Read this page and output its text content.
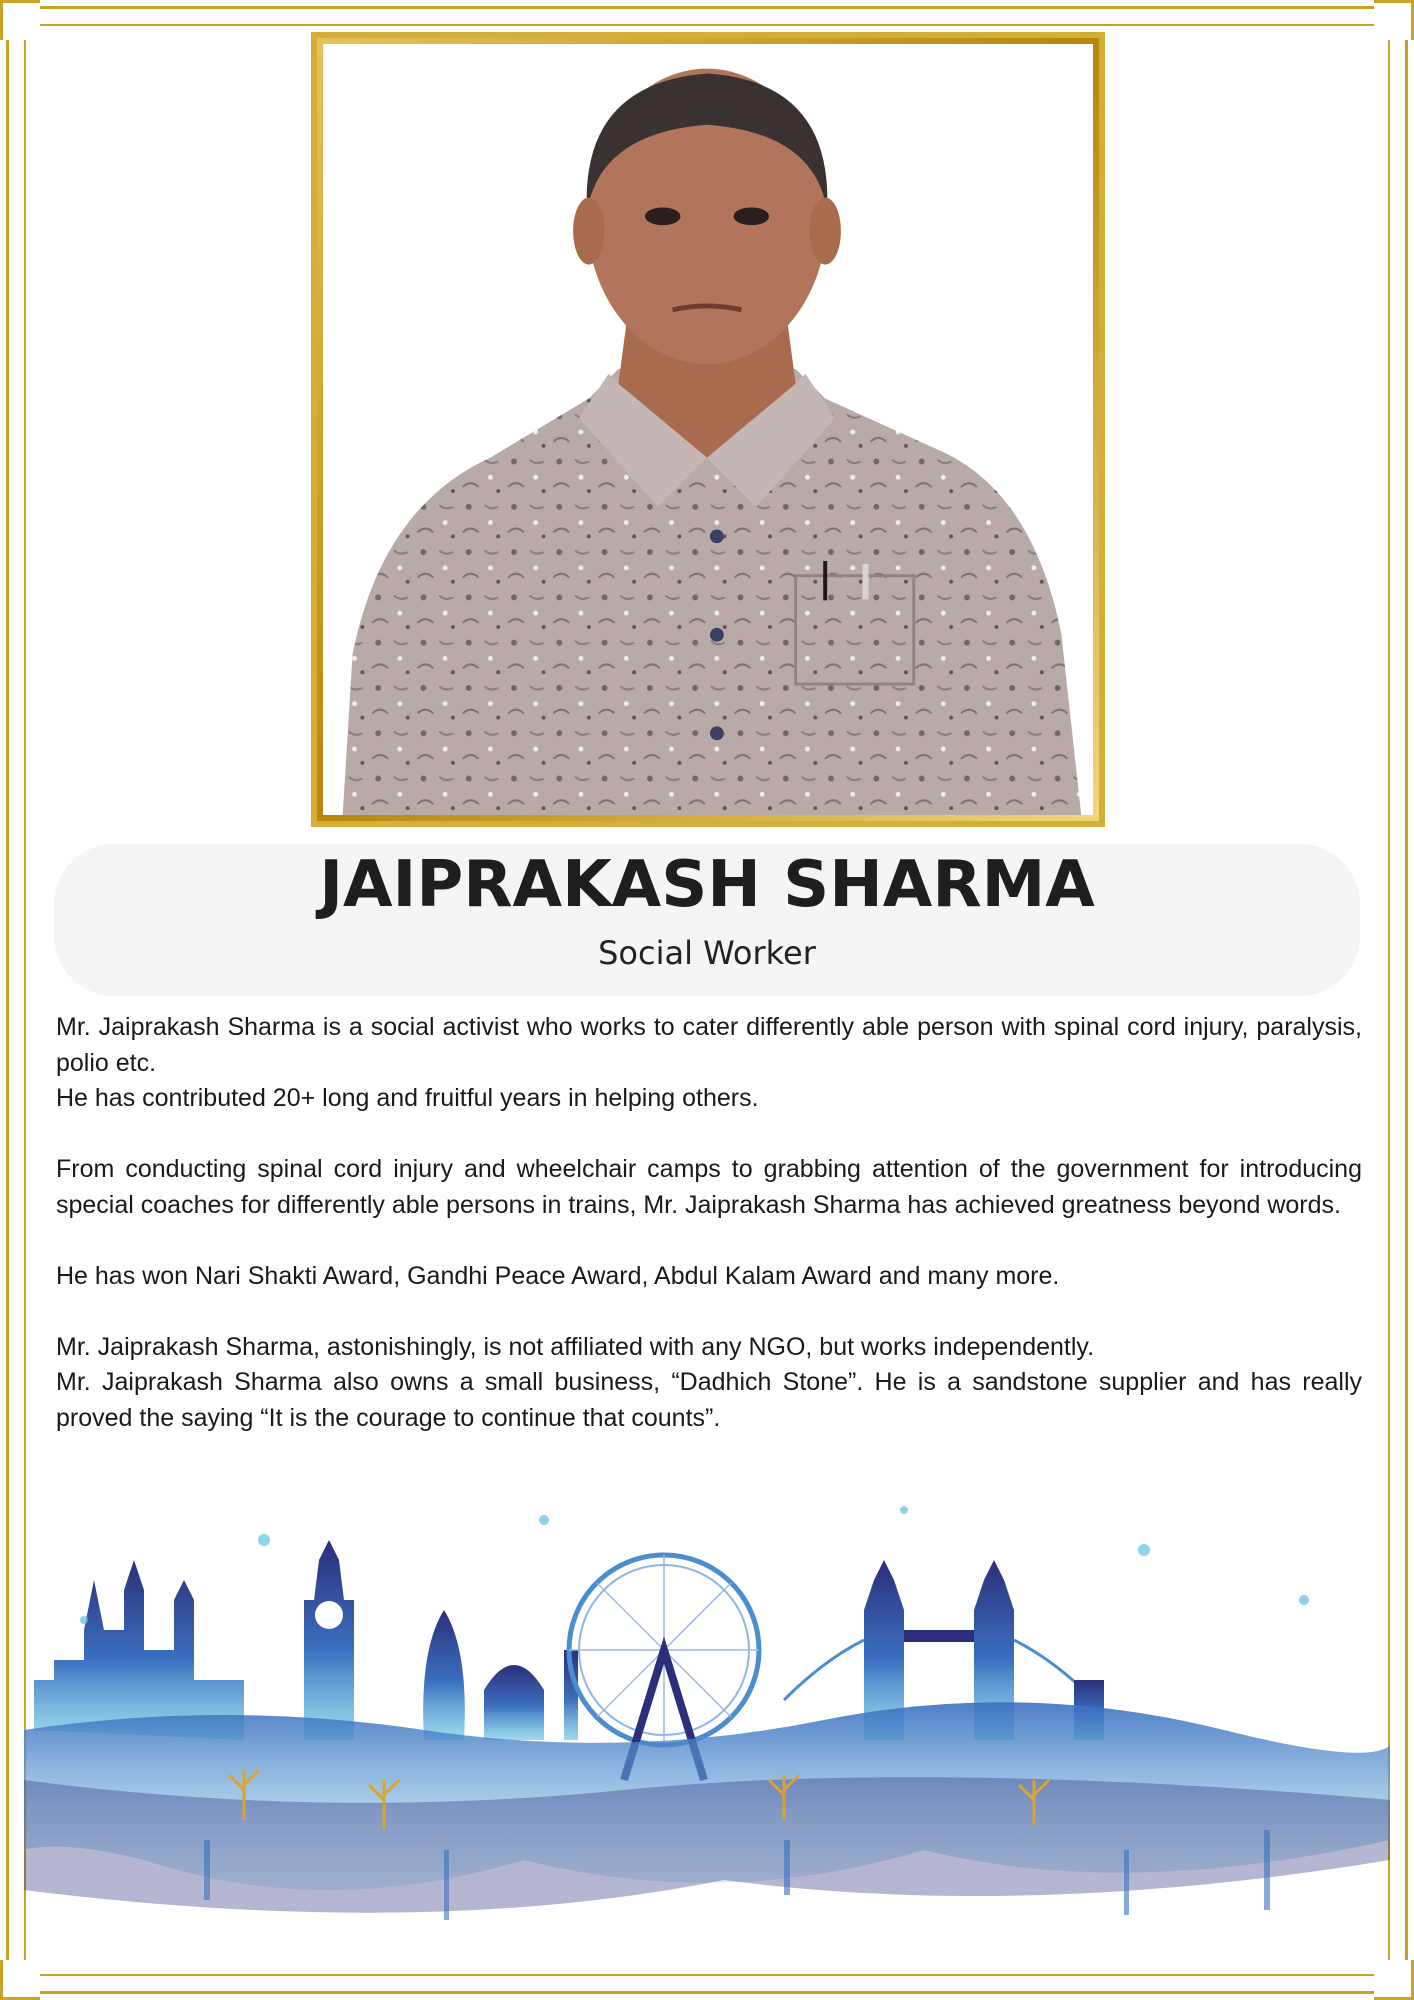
JAIPRAKASH SHARMA
Social Worker

Mr. Jaiprakash Sharma is a social activist who works to cater differently able person with spinal cord injury, paralysis, polio etc.

He has contributed 20+ long and fruitful years in helping others.

From conducting spinal cord injury and wheelchair camps to grabbing attention of the government for introducing special coaches for differently able persons in trains, Mr. Jaiprakash Sharma has achieved greatness beyond words.

He has won Nari Shakti Award, Gandhi Peace Award, Abdul Kalam Award and many more.

Mr. Jaiprakash Sharma, astonishingly, is not affiliated with any NGO, but works independently.

Mr. Jaiprakash Sharma also owns a small business, “Dadhich Stone”. He is a sandstone supplier and has really proved the saying “It is the courage to continue that counts”.
